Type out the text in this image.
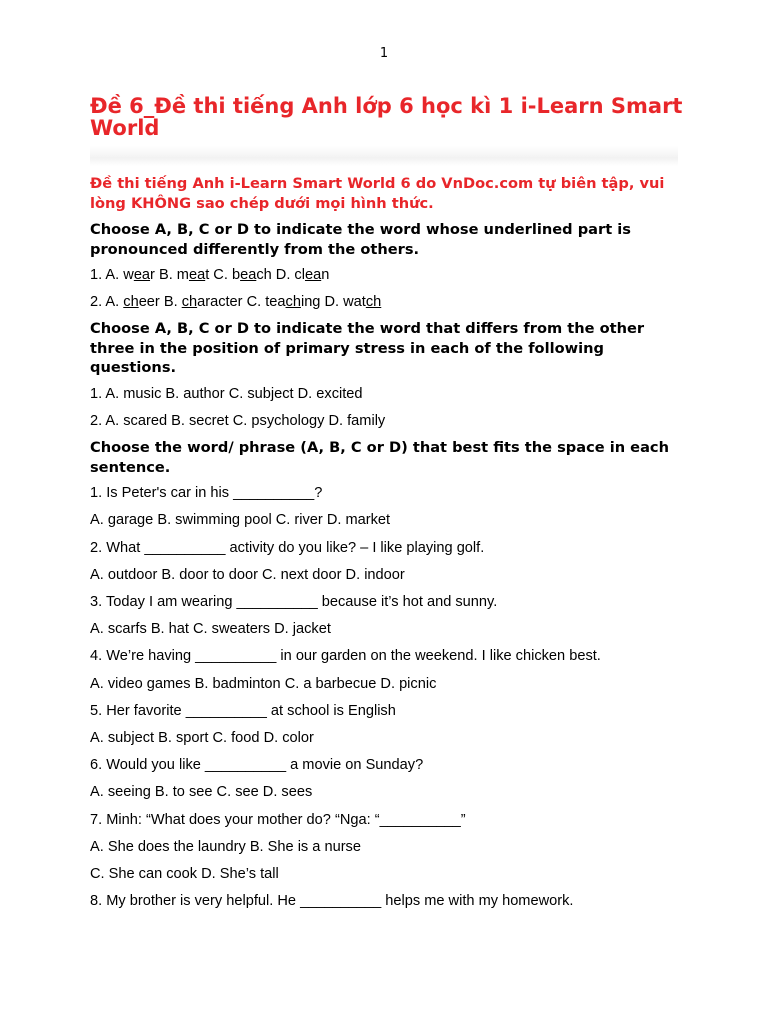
1
Đề 6_Đề thi tiếng Anh lớp 6 học kì 1 i-Learn Smart World

Đề thi tiếng Anh i-Learn Smart World 6 do VnDoc.com tự biên tập, vui lòng KHÔNG sao chép dưới mọi hình thức.

Choose A, B, C or D to indicate the word whose underlined part is pronounced differently from the others.

1. A. wear B. meat C. beach D. clean

2. A. cheer B. character C. teaching D. watch

Choose A, B, C or D to indicate the word that differs from the other three in the position of primary stress in each of the following questions.

1. A. music B. author C. subject D. excited

2. A. scared B. secret C. psychology D. family

Choose the word/ phrase (A, B, C or D) that best fits the space in each sentence.

1. Is Peter's car in his __________?

A. garage B. swimming pool C. river D. market

2. What __________ activity do you like? – I like playing golf.

A. outdoor B. door to door C. next door D. indoor

3. Today I am wearing __________ because it’s hot and sunny.

A. scarfs B. hat C. sweaters D. jacket

4. We’re having __________ in our garden on the weekend. I like chicken best.

A. video games B. badminton C. a barbecue D. picnic

5. Her favorite __________ at school is English

A. subject B. sport C. food D. color

6. Would you like __________ a movie on Sunday?

A. seeing B. to see C. see D. sees

7. Minh: “What does your mother do? “Nga: “__________”

A. She does the laundry B. She is a nurse

C. She can cook D. She’s tall

8. My brother is very helpful. He __________ helps me with my homework.
